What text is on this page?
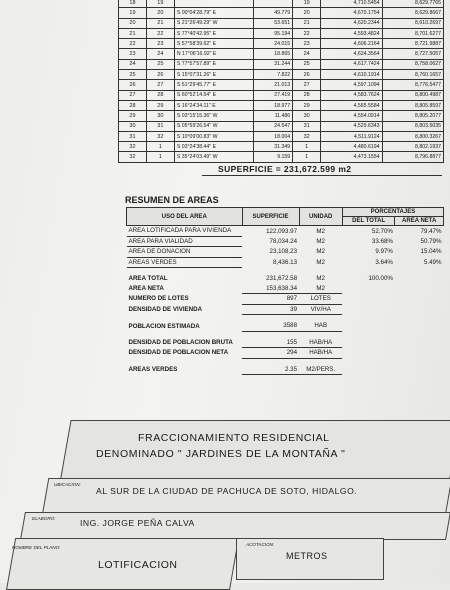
18	19			19	4,710.5454	8,629.7765
19	20	S 00°04'28.79" E	49.779	20	4,670.1754	8,629.8667
20	21	S 21°26'49.29" W	53.651	21	4,620.2344	8,610.2697
21	22	S 77°40'42.95" E	95.194	22	4,593.4824	8,701.6277
22	23	S 57°58'39.62" E	24.015	23	4,606.2164	8,721.9887
23	24	N 17°06'16.92" E	18.865	24	4,624.3564	8,727.5057
24	25	S 77°57'57.89" E	31.244	25	4,617.7424	8,758.0627
25	26	S 15°07'31.26" E	7.822	26	4,610.1914	8,760.1657
26	27	S 51°29'45.77" E	21.013	27	4,597.1094	8,776.5477
27	28	S 60°52'14.54" E	27.419	28	4,583.7624	8,800.4987
28	29	S 16°24'34.11" E	18.977	29	4,565.5584	8,805.8597
29	30	S 03°15'15.36" W	11.486	30	4,554.0914	8,805.2077
30	31	S 05°59'26.54" W	24.547	31	4,529.6343	8,803.5035
31	32	S 10°09'00.83" W	18.004	32	4,511.9124	8,800.3267
32	1	S 03°24'38.44" E	31.349	1	4,480.6194	8,802.1937
32	1	S 35°24'03.49" W	9.159	1	4,473.1554	8,796.8877
SUPERFICIE = 231,672.599 m2
RESUMEN DE AREAS
USO DEL AREA	SUPERFICIE	UNIDAD	PORCENTAJES	
			DEL TOTAL	AREA NETA
AREA LOTIFICADA PARA VIVIENDA	122,093.97	M2	52.70%	79.47%
AREA PARA VIALIDAD	78,034.24	M2	33.68%	50.79%
AREA DE DONACION	23,108.23	M2	9.97%	15.04%
AREAS VERDES	8,436.13	M2	3.64%	5.49%

AREA TOTAL	231,672.58	M2	100.00%	
AREA NETA	153,638.34	M2		
NUMERO DE LOTES	897	LOTES		
DENSIDAD DE VIVIENDA	39	VIV/HA		

POBLACION ESTIMADA	3588	HAB		

DENSIDAD DE POBLACION BRUTA	155	HAB/HA		
DENSIDAD DE POBLACION NETA	294	HAB/HA		

AREAS VERDES	2.35	M2/PERS.		
FRACCIONAMIENTO RESIDENCIAL
DENOMINADO " JARDINES DE LA MONTAÑA "
UBICACION:
AL SUR DE LA CIUDAD DE PACHUCA DE SOTO, HIDALGO.
ELABORO:	ING. JORGE PEÑA CALVA
NOMBRE DEL PLANO:
LOTIFICACION
ACOTACION:
METROS
